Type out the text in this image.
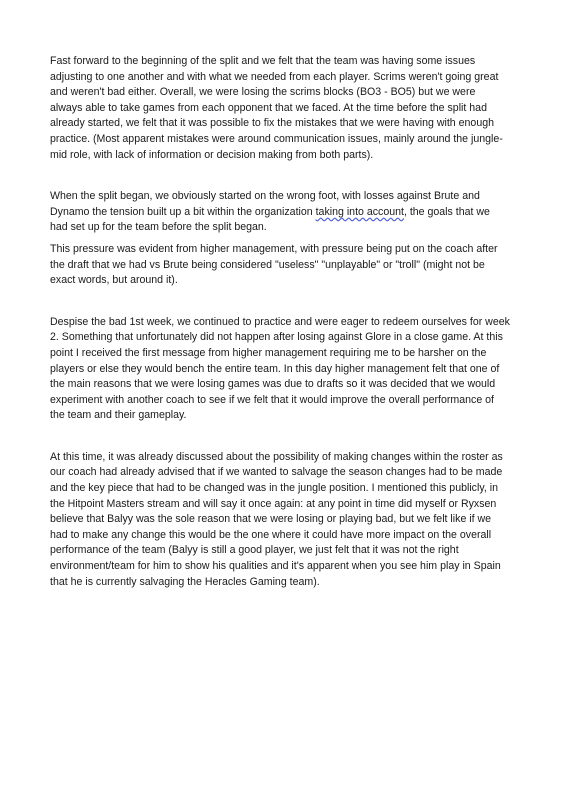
Fast forward to the beginning of the split and we felt that the team was having some issues adjusting to one another and with what we needed from each player. Scrims weren't going great and weren't bad either. Overall, we were losing the scrims blocks (BO3 - BO5) but we were always able to take games from each opponent that we faced. At the time before the split had already started, we felt that it was possible to fix the mistakes that we were having with enough practice. (Most apparent mistakes were around communication issues, mainly around the jungle-mid role, with lack of information or decision making from both parts).

When the split began, we obviously started on the wrong foot, with losses against Brute and Dynamo the tension built up a bit within the organization taking into account, the goals that we had set up for the team before the split began.

This pressure was evident from higher management, with pressure being put on the coach after the draft that we had vs Brute being considered "useless" "unplayable" or "troll" (might not be exact words, but around it).

Despise the bad 1st week, we continued to practice and were eager to redeem ourselves for week 2. Something that unfortunately did not happen after losing against Glore in a close game. At this point I received the first message from higher management requiring me to be harsher on the players or else they would bench the entire team. In this day higher management felt that one of the main reasons that we were losing games was due to drafts so it was decided that we would experiment with another coach to see if we felt that it would improve the overall performance of the team and their gameplay.

At this time, it was already discussed about the possibility of making changes within the roster as our coach had already advised that if we wanted to salvage the season changes had to be made and the key piece that had to be changed was in the jungle position. I mentioned this publicly, in the Hitpoint Masters stream and will say it once again: at any point in time did myself or Ryxsen believe that Balyy was the sole reason that we were losing or playing bad, but we felt like if we had to make any change this would be the one where it could have more impact on the overall performance of the team (Balyy is still a good player, we just felt that it was not the right environment/team for him to show his qualities and it's apparent when you see him play in Spain that he is currently salvaging the Heracles Gaming team).
